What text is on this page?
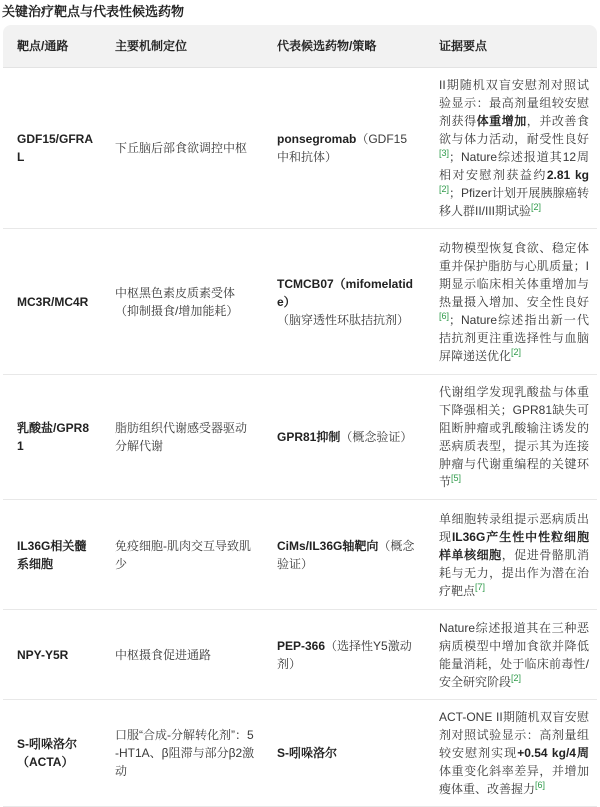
关键治疗靶点与代表性候选药物
靶点/通路	主要机制定位	代表候选药物/策略	证据要点
GDF15/GFRAL	下丘脑后部食欲调控中枢	ponsegromab（GDF15中和抗体）	II期随机双盲安慰剂对照试验显示：最高剂量组较安慰剂获得体重增加，并改善食欲与体力活动，耐受性良好[3]；Nature综述报道其12周相对安慰剂获益约2.81 kg[2]；Pfizer计划开展胰腺癌转移人群II/III期试验[2]
MC3R/MC4R	中枢黑色素皮质素受体（抑制摄食/增加能耗）	TCMCB07（mifomelatide）（脑穿透性环肽拮抗剂）	动物模型恢复食欲、稳定体重并保护脂肪与心肌质量；I期显示临床相关体重增加与热量摄入增加、安全性良好[6]；Nature综述指出新一代拮抗剂更注重选择性与血脑屏障递送优化[2]
乳酸盐/GPR81	脂肪组织代谢感受器驱动分解代谢	GPR81抑制（概念验证）	代谢组学发现乳酸盐与体重下降强相关；GPR81缺失可阻断肿瘤或乳酸输注诱发的恶病质表型，提示其为连接肿瘤与代谢重编程的关键环节[5]
IL36G相关髓系细胞	免疫细胞-肌肉交互导致肌少	CiMs/IL36G轴靶向（概念验证）	单细胞转录组提示恶病质出现IL36G产生性中性粒细胞样单核细胞，促进骨骼肌消耗与无力，提出作为潜在治疗靶点[7]
NPY-Y5R	中枢摄食促进通路	PEP-366（选择性Y5激动剂）	Nature综述报道其在三种恶病质模型中增加食欲并降低能量消耗，处于临床前毒性/安全研究阶段[2]
S-吲哚洛尔（ACTA）	口服“合成-分解转化剂”：5-HT1A、β阻滞与部分β2激动	S-吲哚洛尔	ACT-ONE II期随机双盲安慰剂对照试验显示：高剂量组较安慰剂实现+0.54 kg/4周体重变化斜率差异，并增加瘦体重、改善握力[6]
